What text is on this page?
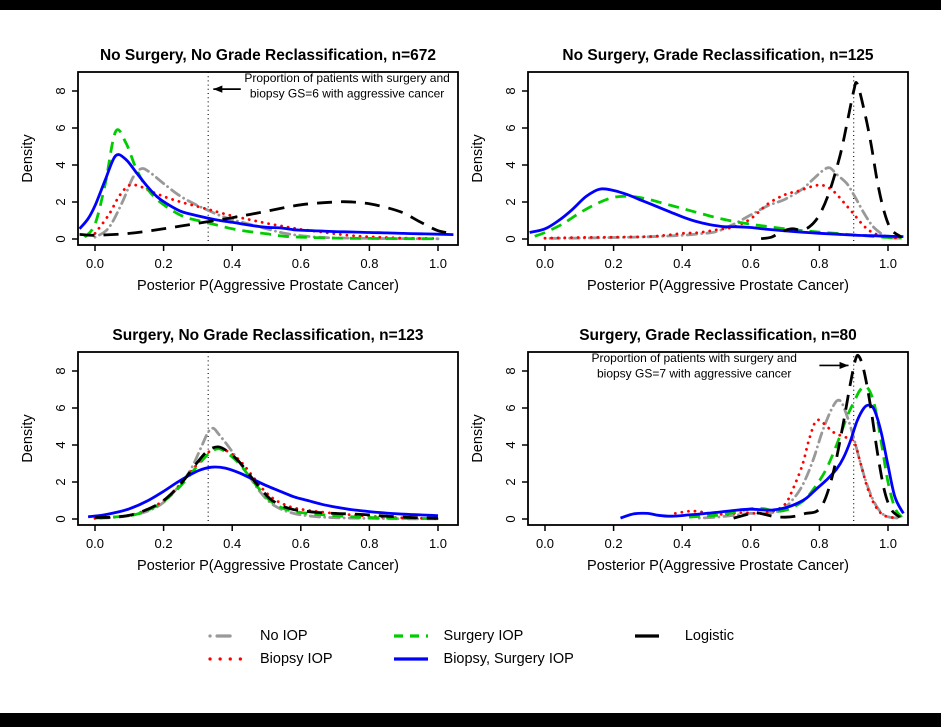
No Surgery, No Grade Reclassification, n=672
0.0	0.2	0.4	0.6	0.8	1.0
0
2
4
6
8
Posterior P(Aggressive Prostate Cancer)
Density
Proportion of patients with surgery and
biopsy GS=6 with aggressive cancer
No Surgery, Grade Reclassification, n=125
0.0	0.2	0.4	0.6	0.8	1.0
0
2
4
6
8
Posterior P(Aggressive Prostate Cancer)
Density
Surgery, No Grade Reclassification, n=123
0.0	0.2	0.4	0.6	0.8	1.0
0
2
4
6
8
Posterior P(Aggressive Prostate Cancer)
Density
Surgery, Grade Reclassification, n=80
0.0	0.2	0.4	0.6	0.8	1.0
0
2
4
6
8
Posterior P(Aggressive Prostate Cancer)
Density
Proportion of patients with surgery and
biopsy GS=7 with aggressive cancer
No IOP
Biopsy IOP
Surgery IOP
Biopsy, Surgery IOP
Logistic
